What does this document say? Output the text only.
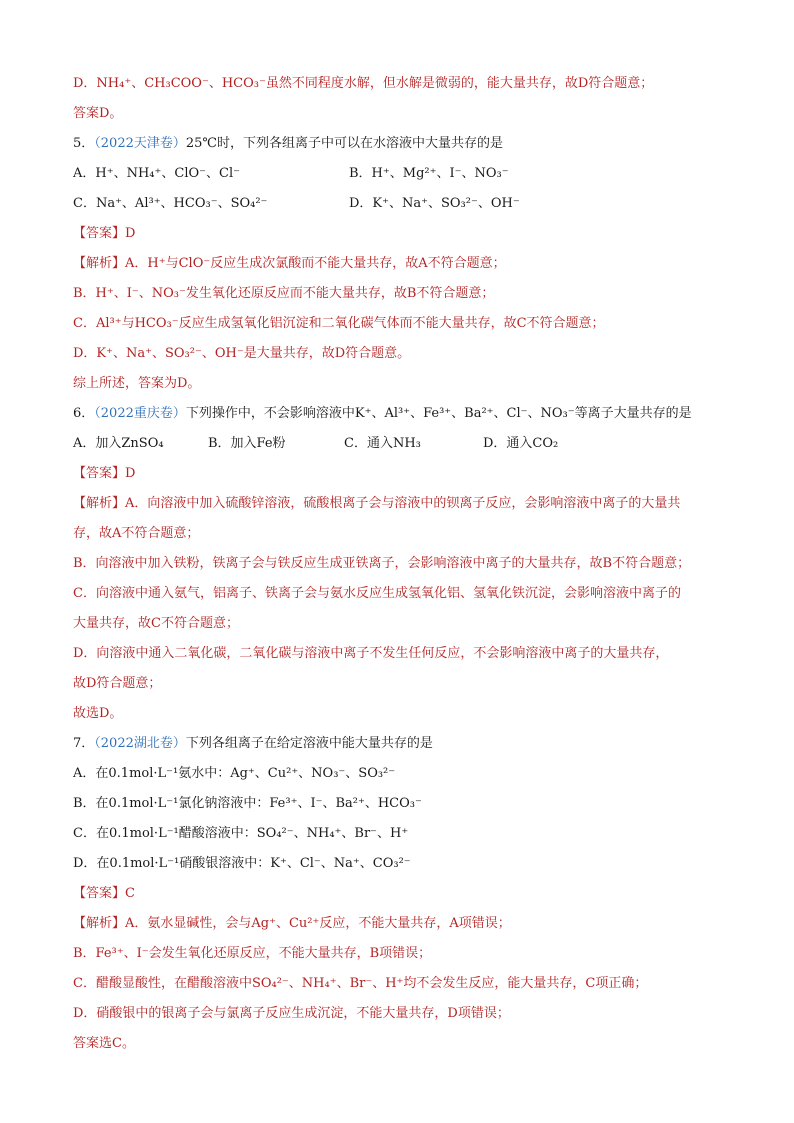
D．NH₄⁺、CH₃COO⁻、HCO₃⁻虽然不同程度水解，但水解是微弱的，能大量共存，故D符合题意；
答案D。
5．（2022天津卷）25℃时，下列各组离子中可以在水溶液中大量共存的是
A．H⁺、NH₄⁺、ClO⁻、Cl⁻	B．H⁺、Mg²⁺、I⁻、NO₃⁻
C．Na⁺、Al³⁺、HCO₃⁻、SO₄²⁻	D．K⁺、Na⁺、SO₃²⁻、OH⁻
【答案】D
【解析】A．H⁺与ClO⁻反应生成次氯酸而不能大量共存，故A不符合题意；
B．H⁺、I⁻、NO₃⁻发生氧化还原反应而不能大量共存，故B不符合题意；
C．Al³⁺与HCO₃⁻反应生成氢氧化铝沉淀和二氧化碳气体而不能大量共存，故C不符合题意；
D．K⁺、Na⁺、SO₃²⁻、OH⁻是大量共存，故D符合题意。
综上所述，答案为D。
6．（2022重庆卷）下列操作中，不会影响溶液中K⁺、Al³⁺、Fe³⁺、Ba²⁺、Cl⁻、NO₃⁻等离子大量共存的是
A．加入ZnSO₄	B．加入Fe粉	C．通入NH₃	D．通入CO₂
【答案】D
【解析】A．向溶液中加入硫酸锌溶液，硫酸根离子会与溶液中的钡离子反应，会影响溶液中离子的大量共
存，故A不符合题意；
B．向溶液中加入铁粉，铁离子会与铁反应生成亚铁离子，会影响溶液中离子的大量共存，故B不符合题意；
C．向溶液中通入氨气，铝离子、铁离子会与氨水反应生成氢氧化铝、氢氧化铁沉淀，会影响溶液中离子的
大量共存，故C不符合题意；
D．向溶液中通入二氧化碳，二氧化碳与溶液中离子不发生任何反应，不会影响溶液中离子的大量共存，
故D符合题意；
故选D。
7．（2022湖北卷）下列各组离子在给定溶液中能大量共存的是
A．在0.1mol·L⁻¹氨水中：Ag⁺、Cu²⁺、NO₃⁻、SO₃²⁻
B．在0.1mol·L⁻¹氯化钠溶液中：Fe³⁺、I⁻、Ba²⁺、HCO₃⁻
C．在0.1mol·L⁻¹醋酸溶液中：SO₄²⁻、NH₄⁺、Br⁻、H⁺
D．在0.1mol·L⁻¹硝酸银溶液中：K⁺、Cl⁻、Na⁺、CO₃²⁻
【答案】C
【解析】A．氨水显碱性，会与Ag⁺、Cu²⁺反应，不能大量共存，A项错误；
B．Fe³⁺、I⁻会发生氧化还原反应，不能大量共存，B项错误；
C．醋酸显酸性，在醋酸溶液中SO₄²⁻、NH₄⁺、Br⁻、H⁺均不会发生反应，能大量共存，C项正确；
D．硝酸银中的银离子会与氯离子反应生成沉淀，不能大量共存，D项错误；
答案选C。
